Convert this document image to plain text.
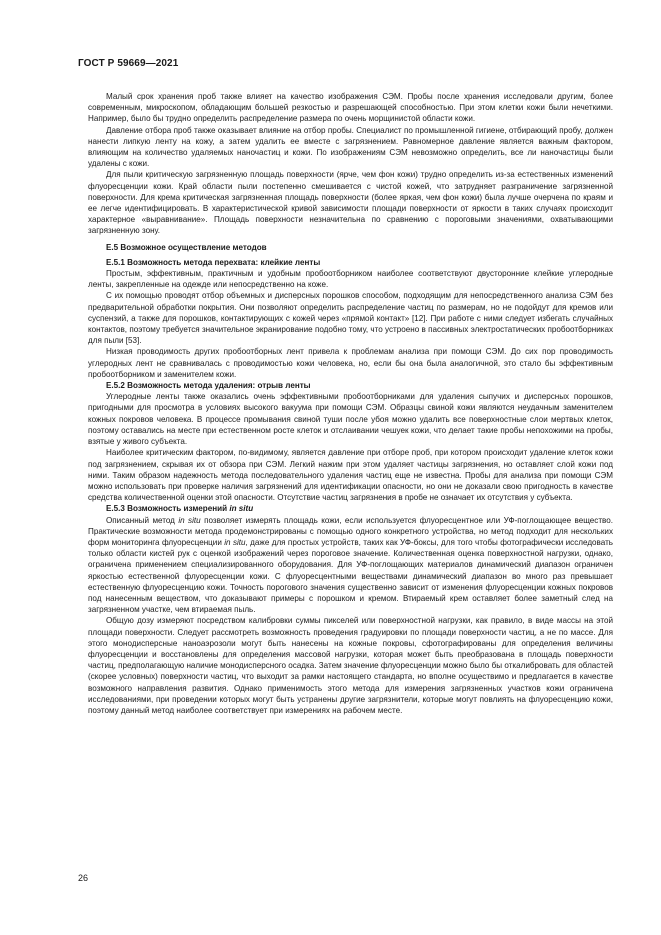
ГОСТ Р 59669—2021

Малый срок хранения проб также влияет на качество изображения СЭМ. Пробы после хранения исследовали другим, более современным, микроскопом, обладающим большей резкостью и разрешающей способностью. При этом клетки кожи были нечеткими. Например, было бы трудно определить распределение размера по очень морщинистой области кожи.

Давление отбора проб также оказывает влияние на отбор пробы. Специалист по промышленной гигиене, отбирающий пробу, должен нанести липкую ленту на кожу, а затем удалить ее вместе с загрязнением. Равномерное давление является важным фактором, влияющим на количество удаляемых наночастиц и кожи. По изображениям СЭМ невозможно определить, все ли наночастицы были удалены с кожи.

Для пыли критическую загрязненную площадь поверхности (ярче, чем фон кожи) трудно определить из-за естественных изменений флуоресценции кожи. Край области пыли постепенно смешивается с чистой кожей, что затрудняет разграничение загрязненной поверхности. Для крема критическая загрязненная площадь поверхности (более яркая, чем фон кожи) была лучше очерчена по краям и ее легче идентифицировать. В характеристической кривой зависимости площади поверхности от яркости в таких случаях происходит характерное «выравнивание». Площадь поверхности незначительна по сравнению с пороговыми значениями, охватывающими загрязненную зону.

Е.5 Возможное осуществление методов
Е.5.1 Возможность метода перехвата: клейкие ленты

Простым, эффективным, практичным и удобным пробоотборником наиболее соответствуют двусторонние клейкие углеродные ленты, закрепленные на одежде или непосредственно на коже.

С их помощью проводят отбор объемных и дисперсных порошков способом, подходящим для непосредственного анализа СЭМ без предварительной обработки покрытия. Они позволяют определить распределение частиц по размерам, но не подойдут для кремов или суспензий, а также для порошков, контактирующих с кожей через «прямой контакт» [12]. При работе с ними следует избегать случайных контактов, поэтому требуется значительное экранирование подобно тому, что устроено в пассивных электростатических пробоотборниках для пыли [53].

Низкая проводимость других пробоотборных лент привела к проблемам анализа при помощи СЭМ. До сих пор проводимость углеродных лент не сравнивалась с проводимостью кожи человека, но, если бы она была аналогичной, это стало бы эффективным пробоотборником и заменителем кожи.

Е.5.2 Возможность метода удаления: отрыв ленты

Углеродные ленты также оказались очень эффективными пробоотборниками для удаления сыпучих и дисперсных порошков, пригодными для просмотра в условиях высокого вакуума при помощи СЭМ. Образцы свиной кожи являются неудачным заменителем кожных покровов человека. В процессе промывания свиной туши после убоя можно удалить все поверхностные слои мертвых клеток, поэтому оставались на месте при естественном росте клеток и отслаивании чешуек кожи, что делает такие пробы непохожими на пробы, взятые у живого субъекта.

Наиболее критическим фактором, по-видимому, является давление при отборе проб, при котором происходит удаление клеток кожи под загрязнением, скрывая их от обзора при СЭМ. Легкий нажим при этом удаляет частицы загрязнения, но оставляет слой кожи под ними. Таким образом надежность метода последовательного удаления частиц еще не известна. Пробы для анализа при помощи СЭМ можно использовать при проверке наличия загрязнений для идентификации опасности, но они не доказали свою пригодность в качестве средства количественной оценки этой опасности. Отсутствие частиц загрязнения в пробе не означает их отсутствия у субъекта.

Е.5.3 Возможность измерений in situ

Описанный метод in situ позволяет измерять площадь кожи, если используется флуоресцентное или УФ-поглощающее вещество. Практические возможности метода продемонстрированы с помощью одного конкретного устройства, но метод подходит для нескольких форм мониторинга флуоресценции in situ, даже для простых устройств, таких как УФ-боксы, для того чтобы фотографически исследовать только области кистей рук с оценкой изображений через пороговое значение. Количественная оценка поверхностной нагрузки, однако, ограничена применением специализированного оборудования. Для УФ-поглощающих материалов динамический диапазон ограничен яркостью естественной флуоресценции кожи. С флуоресцентными веществами динамический диапазон во много раз превышает естественную флуоресценцию кожи. Точность порогового значения существенно зависит от изменения флуоресценции кожных покровов под нанесенным веществом, что доказывают примеры с порошком и кремом. Втираемый крем оставляет более заметный след на загрязненном участке, чем втираемая пыль.

Общую дозу измеряют посредством калибровки суммы пикселей или поверхностной нагрузки, как правило, в виде массы на этой площади поверхности. Следует рассмотреть возможность проведения градуировки по площади поверхности частиц, а не по массе. Для этого монодисперсные наноаэрозоли могут быть нанесены на кожные покровы, сфотографированы для определения величины флуоресценции и восстановлены для определения массовой нагрузки, которая может быть преобразована в площадь поверхности частиц, предполагающую наличие монодисперсного осадка. Затем значение флуоресценции можно было бы откалибровать для областей (скорее условных) поверхности частиц, что выходит за рамки настоящего стандарта, но вполне осуществимо и предлагается в качестве возможного направления развития. Однако применимость этого метода для измерения загрязненных участков кожи ограничена исследованиями, при проведении которых могут быть устранены другие загрязнители, которые могут повлиять на флуоресценцию кожи, поэтому данный метод наиболее соответствует при измерениях на рабочем месте.

26
